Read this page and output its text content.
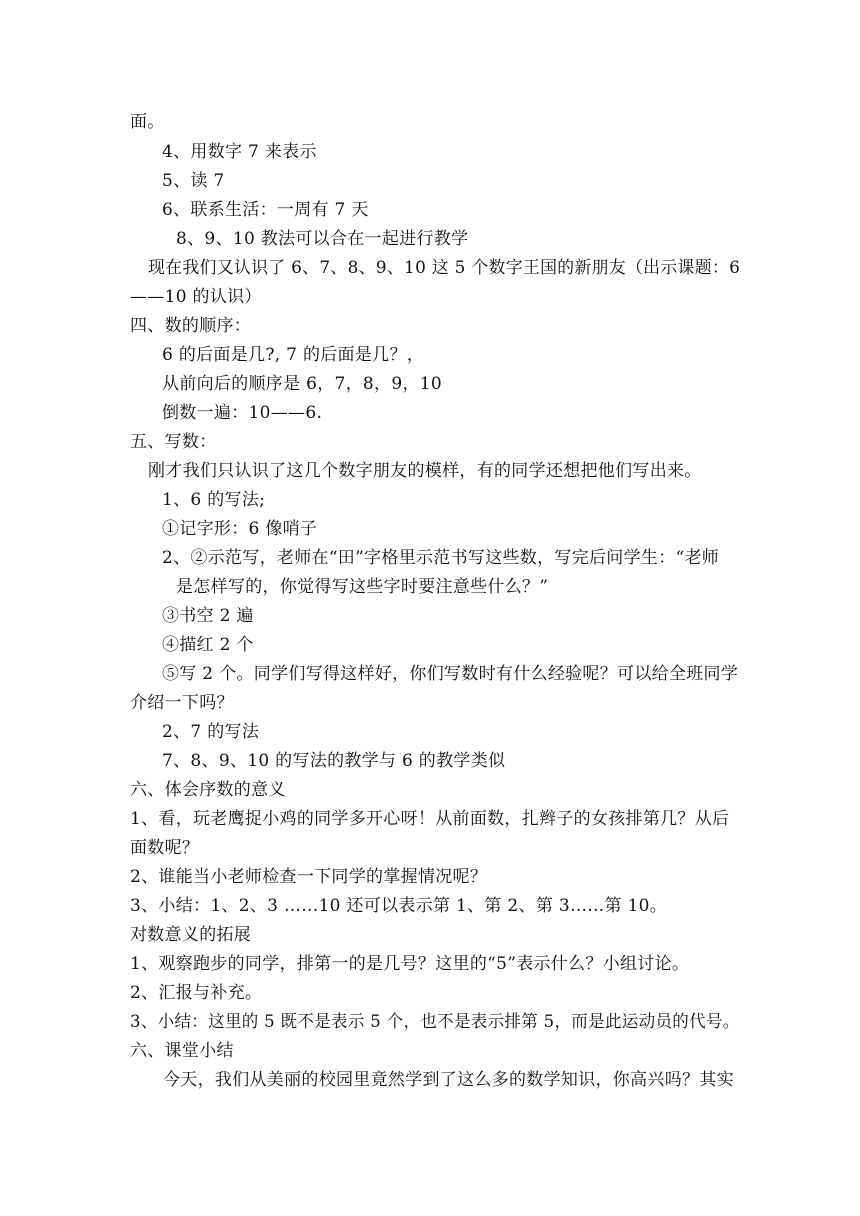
面。
4、用数字 7 来表示
5、读 7
6、联系生活：一周有 7 天
8、9、10 教法可以合在一起进行教学
现在我们又认识了 6、7、8、9、10 这 5 个数字王国的新朋友（出示课题：6
——10 的认识）
四、数的顺序：
6 的后面是几?, 7 的后面是几？，
从前向后的顺序是 6，7，8，9，10
倒数一遍：10——6.
五、写数：
刚才我们只认识了这几个数字朋友的模样，有的同学还想把他们写出来。
1、6 的写法;
①记字形：6 像哨子
2、②示范写，老师在“田”字格里示范书写这些数，写完后问学生：“老师
是怎样写的，你觉得写这些字时要注意些什么？”
③书空 2 遍
④描红 2 个
⑤写 2 个。同学们写得这样好，你们写数时有什么经验呢？可以给全班同学
介绍一下吗？
2、7 的写法
7、8、9、10 的写法的教学与 6 的教学类似
六、体会序数的意义
1、看，玩老鹰捉小鸡的同学多开心呀！从前面数，扎辫子的女孩排第几？从后
面数呢？
2、谁能当小老师检查一下同学的掌握情况呢？
3、小结：1、2、3 ……10 还可以表示第 1、第 2、第 3……第 10。
对数意义的拓展
1、观察跑步的同学，排第一的是几号？这里的“5”表示什么？小组讨论。
2、汇报与补充。
3、小结：这里的 5 既不是表示 5 个，也不是表示排第 5，而是此运动员的代号。
六、课堂小结
今天，我们从美丽的校园里竟然学到了这么多的数学知识，你高兴吗？其实
